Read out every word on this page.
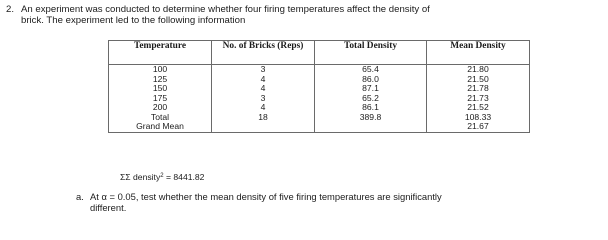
2. An experiment was conducted to determine whether four firing temperatures affect the density of
brick. The experiment led to the following information
Temperature	No. of Bricks (Reps)	Total Density	Mean Density
100	3	65.4	21.80
125	4	86.0	21.50
150	4	87.1	21.78
175	3	65.2	21.73
200	4	86.1	21.52
Total	18	389.8	108.33
Grand Mean			21.67
ΣΣ density$^2$ = 8441.82
a. At α = 0.05, test whether the mean density of five firing temperatures are significantly
different.
